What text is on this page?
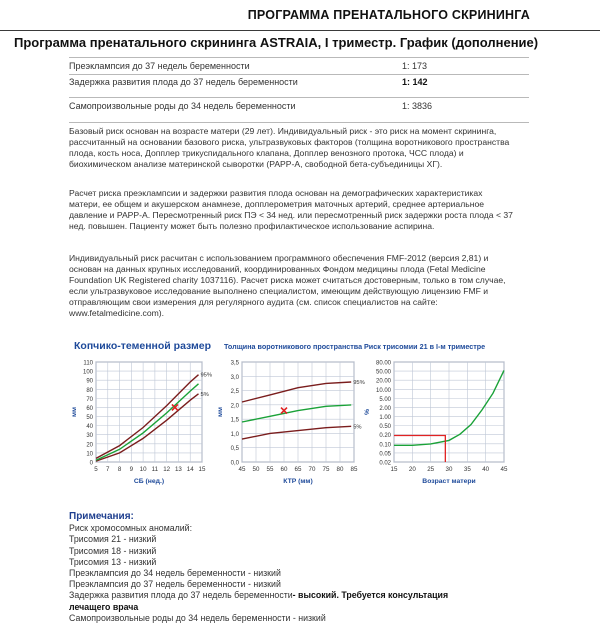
ПРОГРАММА ПРЕНАТАЛЬНОГО СКРИНИНГА
Программа пренатального скрининга ASTRAIA, I триместр. График (дополнение)
Преэклампсия до 37 недель беременности	1: 173
Задержка развития плода до 37 недель беременности	1: 142
Самопроизвольные роды до 34 недель беременности	1: 3836
Базовый риск основан на возрасте матери (29 лет). Индивидуальный риск - это риск на момент скрининга, рассчитанный на основании базового риска, ультразвуковых факторов (толщина воротникового пространства плода, кость носа, Допплер трикуспидального клапана, Допплер венозного протока, ЧСС плода) и биохимическом анализе материнской сыворотки (PAPP-A, свободной бета-субъединицы ХГ).
Расчет риска преэклампсии и задержки развития плода основан на демографических характеристиках матери, ее общем и акушерском анамнезе, допплерометрия маточных артерий, среднее артериальное давление и PAPP-A. Пересмотренный риск ПЭ < 34 нед. или пересмотренный риск задержки роста плода < 37 нед. повышен. Пациенту может быть полезно профилактическое использование аспирина.
Индивидуальный риск расчитан с использованием программного обеспечения FMF-2012 (версия 2,81) и основан на данных крупных исследований, координированных Фондом медицины плода (Fetal Medicine Foundation UK Registered charity 1037116). Расчет риска может считаться достоверным, только в том случае, если ультразвуковое исследование выполнено специалистом, имеющим действующую лицензию FMF и отправляющим свои измерения для регулярного аудита (см. список специалистов на сайте: www.fetalmedicine.com).
Копчико-теменной размер
0
10
20
30
40
50
60
70
80
90
100
110
5 7 8 9 10 11 12 13 14 15
СБ (нед.)
мм
95%
5%
Толщина воротникового пространства
0,0
0,5
1,0
1,5
2,0
2,5
3,0
3,5
45 50 55 60 65 70 75 80 85
КТР (мм)
мм
95%
5%
Риск трисомии 21 в I-м триместре
0.02
0.05
0.10
0.20
0.50
1.00
2.00
5.00
10.00
20.00
50.00
80.00
15 20 25 30 35 40 45
Возраст матери
%
Примечания:
Риск хромосомных аномалий:
Трисомия 21 - низкий
Трисомия 18 - низкий
Трисомия 13 - низкий
Преэклампсия до 34 недель беременности - низкий
Преэклампсия до 37 недель беременности - низкий
Задержка развития плода до 37 недель беременности- высокий. Требуется консультация
лечащего врача
Самопроизвольные роды до 34 недель беременности - низкий
